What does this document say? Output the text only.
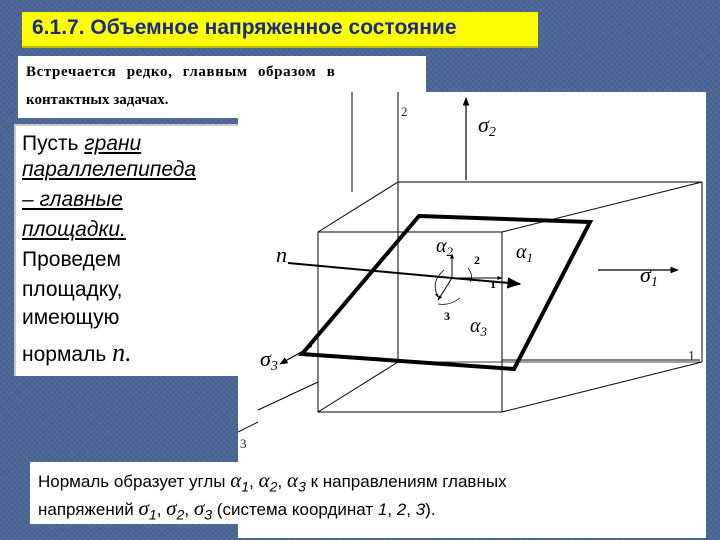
6.1.7. Объемное напряженное состояние
Встречается редко, главным образом в
контактных задачах.
2
1
3
σ2
σ1
σ3
n	$\alpha_2$	$\alpha_1$
$\alpha_3$
2
1
3
Пусть грани
параллелепипеда
– главные
площадки.
Проведем
площадку,
имеющую
нормаль n.
Нормаль образует углы $\alpha_1$, $\alpha_2$, $\alpha_3$ к направлениям главных
напряжений $\sigma_1$, $\sigma_2$, $\sigma_3$ (система координат 1, 2, 3).
